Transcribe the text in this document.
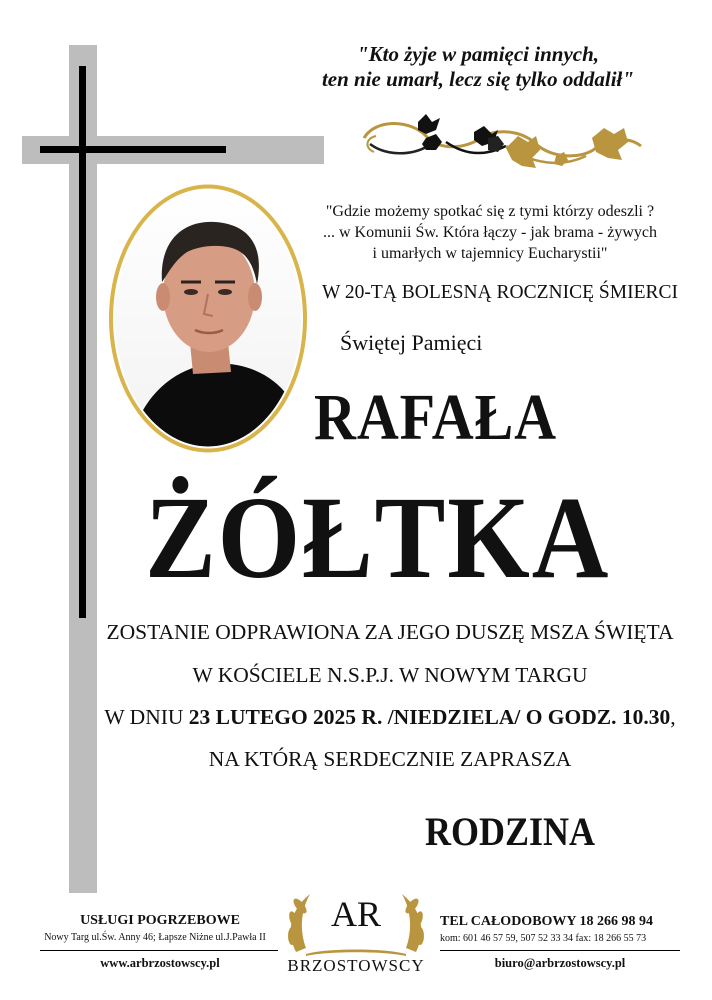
"Kto żyje w pamięci innych,
ten nie umarł, lecz się tylko oddalił"
"Gdzie możemy spotkać się z tymi którzy odeszli ?
... w Komunii Św. Która łączy - jak brama - żywych
i umarłych w tajemnicy Eucharystii"
W 20-TĄ BOLESNĄ ROCZNICĘ ŚMIERCI
Świętej Pamięci
RAFAŁA
ŻÓŁTKA
ZOSTANIE ODPRAWIONA ZA JEGO DUSZĘ MSZA ŚWIĘTA
W KOŚCIELE N.S.P.J. W NOWYM TARGU
W DNIU 23 LUTEGO 2025 R. /NIEDZIELA/ O GODZ. 10.30,
NA KTÓRĄ SERDECZNIE ZAPRASZA
RODZINA
USŁUGI POGRZEBOWE
Nowy Targ ul.Św. Anny 46; Łapsze Niżne ul.J.Pawła II
www.arbrzostowscy.pl
AR
BRZOSTOWSCY
TEL CAŁODOBOWY 18 266 98 94
kom: 601 46 57 59, 507 52 33 34 fax: 18 266 55 73
biuro@arbrzostowscy.pl
